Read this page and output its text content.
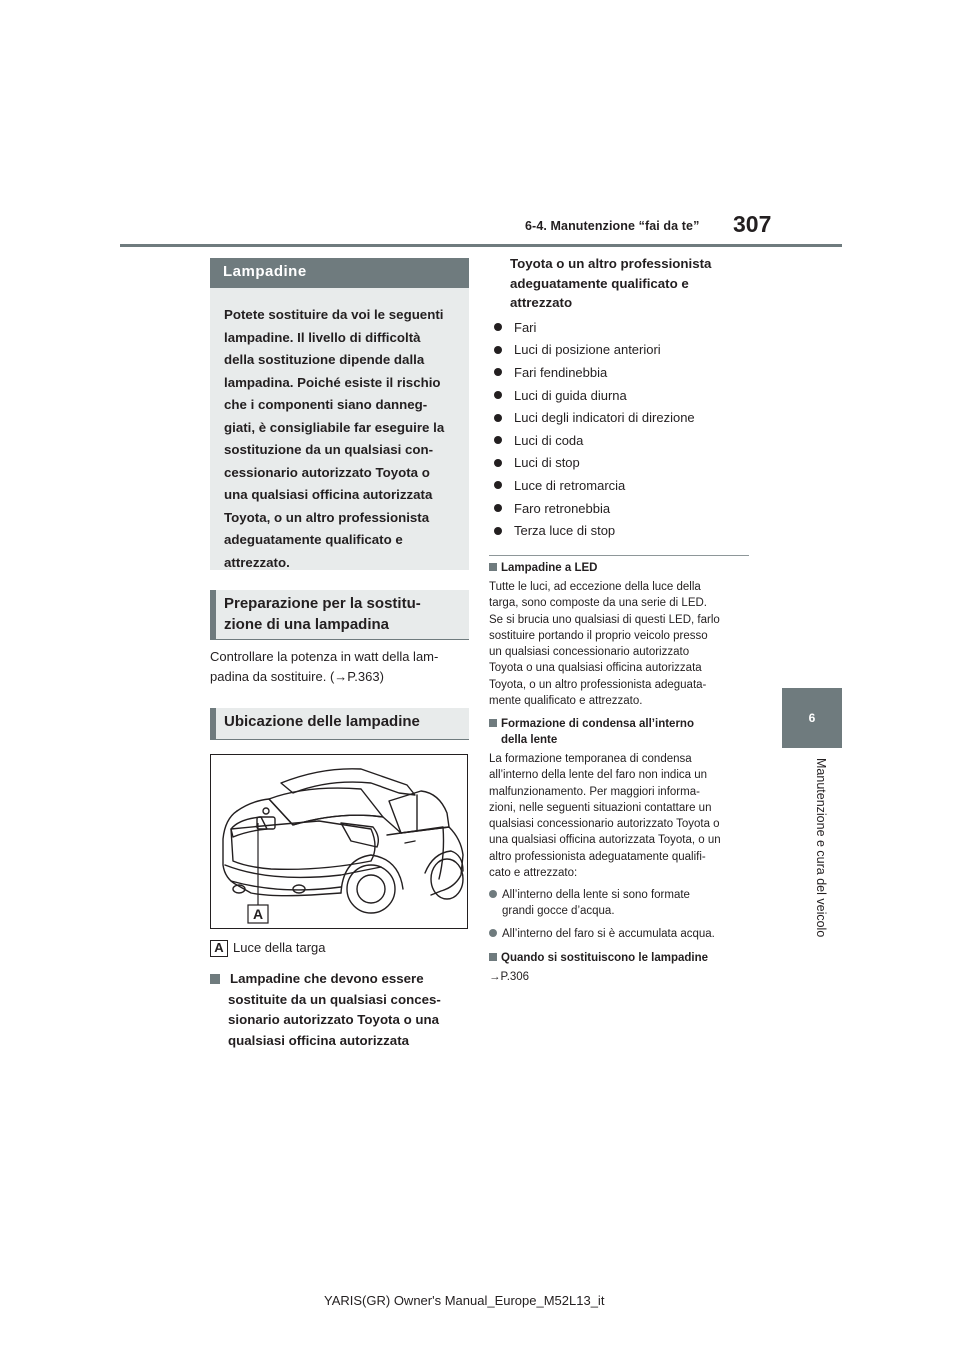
6-4. Manutenzione “fai da te” 307
6
Manutenzione e cura del veicolo
Lampadine
Potete sostituire da voi le seguenti
lampadine. Il livello di difficoltà
della sostituzione dipende dalla
lampadina. Poiché esiste il rischio
che i componenti siano danneg-
giati, è consigliabile far eseguire la
sostituzione da un qualsiasi con-
cessionario autorizzato Toyota o
una qualsiasi officina autorizzata
Toyota, o un altro professionista
adeguatamente qualificato e
attrezzato.
Preparazione per la sostitu-
zione di una lampadina
Controllare la potenza in watt della lam-
padina da sostituire. (→P.363)
Ubicazione delle lampadine
A
A Luce della targa
Lampadine che devono essere
sostituite da un qualsiasi conces-
sionario autorizzato Toyota o una
qualsiasi officina autorizzata
Toyota o un altro professionista
adeguatamente qualificato e
attrezzato
Fari
Luci di posizione anteriori
Fari fendinebbia
Luci di guida diurna
Luci degli indicatori di direzione
Luci di coda
Luci di stop
Luce di retromarcia
Faro retronebbia
Terza luce di stop
Lampadine a LED
Tutte le luci, ad eccezione della luce della
targa, sono composte da una serie di LED.
Se si brucia uno qualsiasi di questi LED, farlo
sostituire portando il proprio veicolo presso
un qualsiasi concessionario autorizzato
Toyota o una qualsiasi officina autorizzata
Toyota, o un altro professionista adeguata-
mente qualificato e attrezzato.
Formazione di condensa all’interno
della lente
La formazione temporanea di condensa
all’interno della lente del faro non indica un
malfunzionamento. Per maggiori informa-
zioni, nelle seguenti situazioni contattare un
qualsiasi concessionario autorizzato Toyota o
una qualsiasi officina autorizzata Toyota, o un
altro professionista adeguatamente qualifi-
cato e attrezzato:
All’interno della lente si sono formate
grandi gocce d’acqua.
All’interno del faro si è accumulata acqua.
Quando si sostituiscono le lampadine
→P.306
YARIS(GR) Owner's Manual_Europe_M52L13_it
